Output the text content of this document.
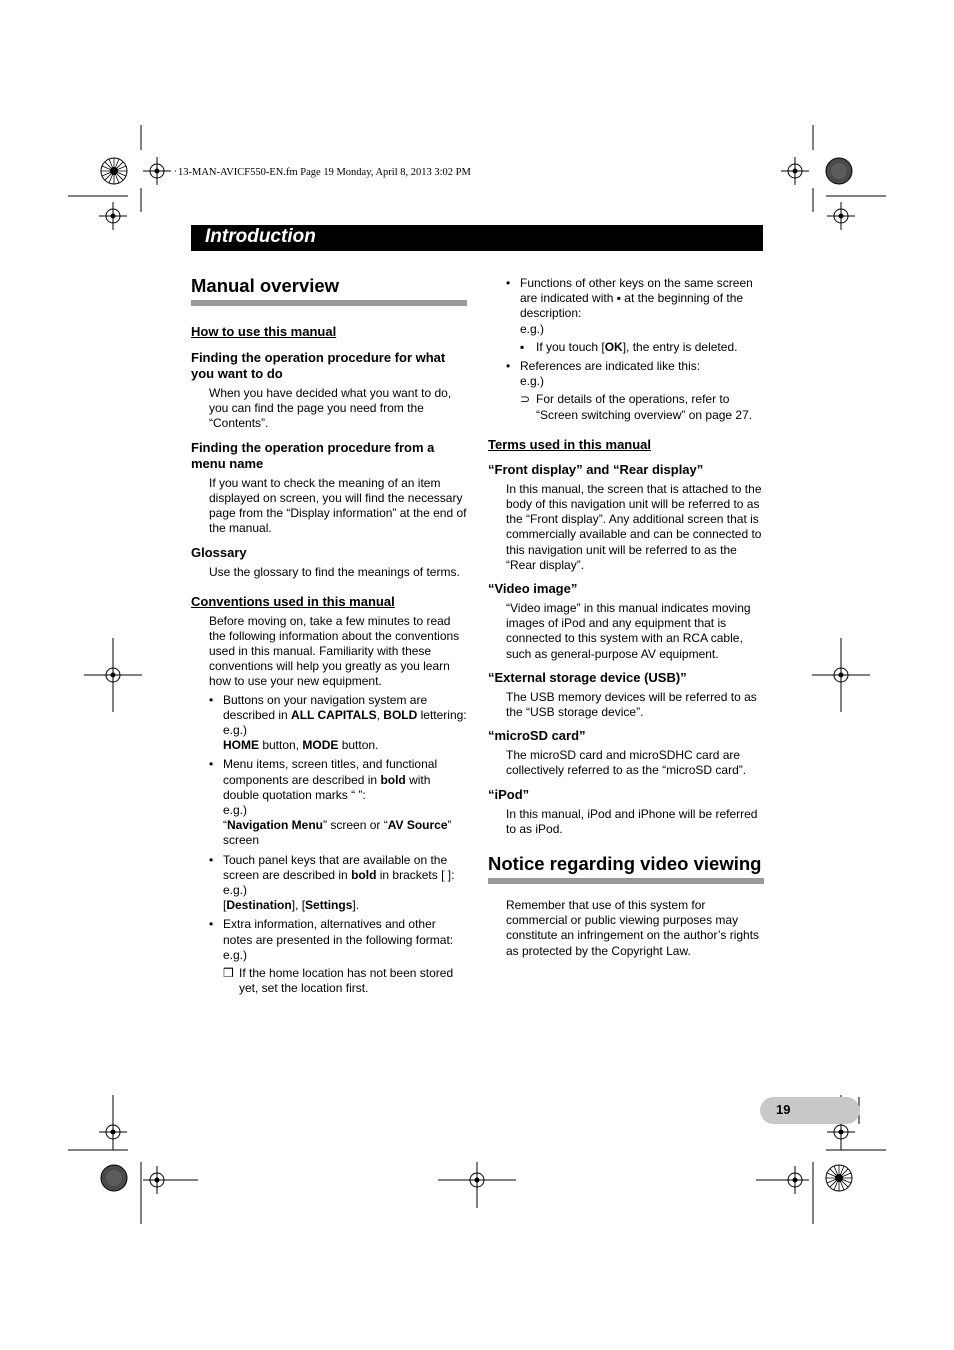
13-MAN-AVICF550-EN.fm Page 19 Monday, April 8, 2013 3:02 PM
Introduction
Manual overview
How to use this manual
Finding the operation procedure for what you want to do

When you have decided what you want to do, you can find the page you need from the “Contents”.

Finding the operation procedure from a menu name

If you want to check the meaning of an item displayed on screen, you will find the necessary page from the “Display information” at the end of the manual.

Glossary

Use the glossary to find the meanings of terms.

Conventions used in this manual

Before moving on, take a few minutes to read the following information about the conventions used in this manual. Familiarity with these conventions will help you greatly as you learn how to use your new equipment.

• Buttons on your navigation system are described in ALL CAPITALS, BOLD lettering:
e.g.)
HOME button, MODE button.
• Menu items, screen titles, and functional components are described in bold with double quotation marks “ ”:
e.g.)
“Navigation Menu” screen or “AV Source” screen
• Touch panel keys that are available on the screen are described in bold in brackets [ ]:
e.g.)
[Destination], [Settings].
• Extra information, alternatives and other notes are presented in the following format:
e.g.)
❒ If the home location has not been stored yet, set the location first.
• Functions of other keys on the same screen are indicated with ▪ at the beginning of the description:
e.g.)
▪ If you touch [OK], the entry is deleted.
• References are indicated like this:
e.g.)
⊃ For details of the operations, refer to “Screen switching overview” on page 27.
Terms used in this manual
“Front display” and “Rear display”

In this manual, the screen that is attached to the body of this navigation unit will be referred to as the “Front display”. Any additional screen that is commercially available and can be connected to this navigation unit will be referred to as the “Rear display”.

“Video image”

“Video image” in this manual indicates moving images of iPod and any equipment that is connected to this system with an RCA cable, such as general-purpose AV equipment.

“External storage device (USB)”

The USB memory devices will be referred to as the “USB storage device”.

“microSD card”

The microSD card and microSDHC card are collectively referred to as the “microSD card”.

“iPod”

In this manual, iPod and iPhone will be referred to as iPod.

Notice regarding video viewing

Remember that use of this system for commercial or public viewing purposes may constitute an infringement on the author’s rights as protected by the Copyright Law.

19
